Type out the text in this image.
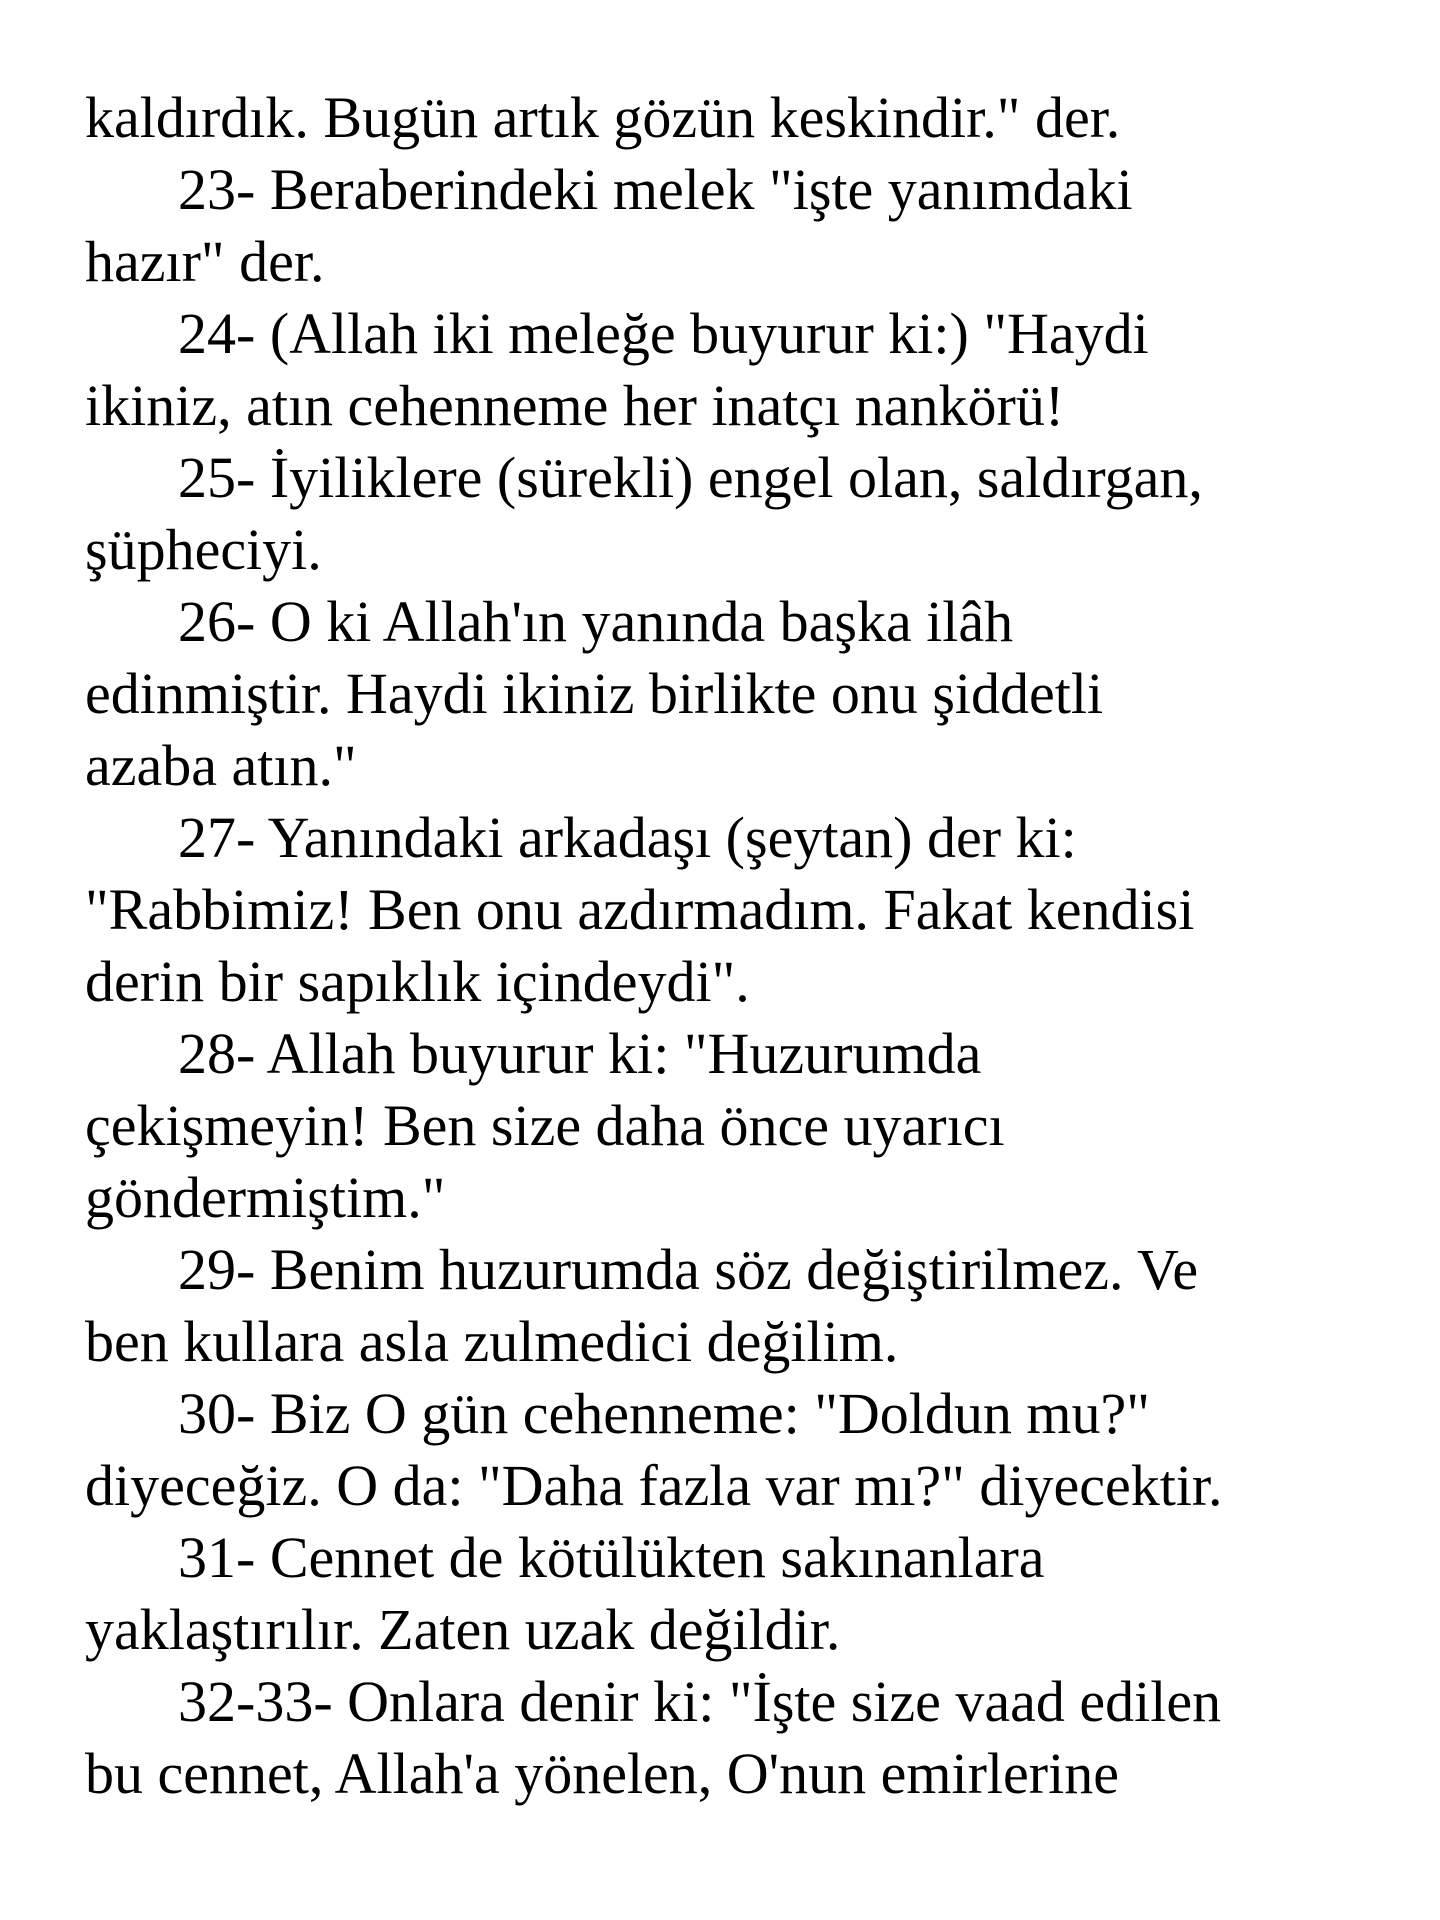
kaldırdık. Bugün artık gözün keskindir." der.

23- Beraberindeki melek "işte yanımdaki
hazır" der.

24- (Allah iki meleğe buyurur ki:) "Haydi
ikiniz, atın cehenneme her inatçı nankörü!

25- İyiliklere (sürekli) engel olan, saldırgan,
şüpheciyi.

26- O ki Allah'ın yanında başka ilâh
edinmiştir. Haydi ikiniz birlikte onu şiddetli
azaba atın."

27- Yanındaki arkadaşı (şeytan) der ki:
"Rabbimiz! Ben onu azdırmadım. Fakat kendisi
derin bir sapıklık içindeydi".

28- Allah buyurur ki: "Huzurumda
çekişmeyin! Ben size daha önce uyarıcı
göndermiştim."

29- Benim huzurumda söz değiştirilmez. Ve
ben kullara asla zulmedici değilim.

30- Biz O gün cehenneme: "Doldun mu?"
diyeceğiz. O da: "Daha fazla var mı?" diyecektir.

31- Cennet de kötülükten sakınanlara
yaklaştırılır. Zaten uzak değildir.

32-33- Onlara denir ki: "İşte size vaad edilen
bu cennet, Allah'a yönelen, O'nun emirlerine
